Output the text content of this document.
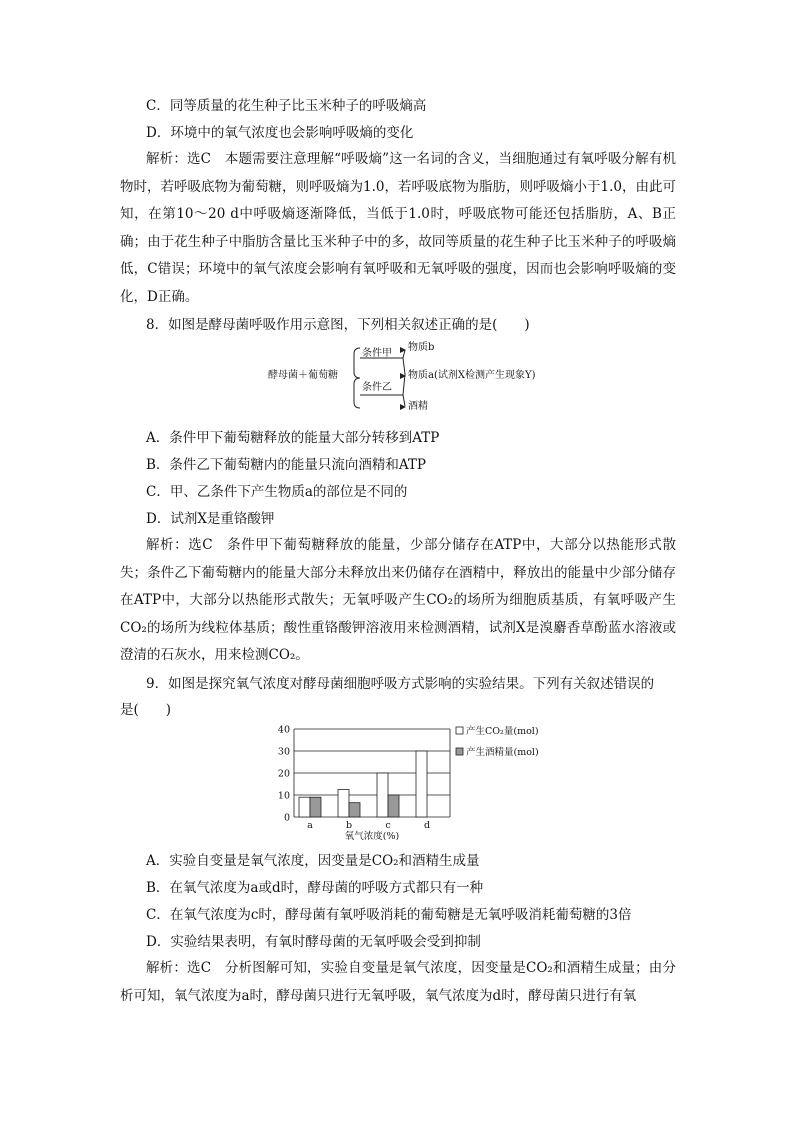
C．同等质量的花生种子比玉米种子的呼吸熵高
D．环境中的氧气浓度也会影响呼吸熵的变化
解析：选C　本题需要注意理解“呼吸熵”这一名词的含义，当细胞通过有氧呼吸分解有机物时，若呼吸底物为葡萄糖，则呼吸熵为1.0，若呼吸底物为脂肪，则呼吸熵小于1.0，由此可知，在第10～20 d中呼吸熵逐渐降低，当低于1.0时，呼吸底物可能还包括脂肪，A、B正确；由于花生种子中脂肪含量比玉米种子中的多，故同等质量的花生种子比玉米种子的呼吸熵低，C错误；环境中的氧气浓度会影响有氧呼吸和无氧呼吸的强度，因而也会影响呼吸熵的变化，D正确。
8．如图是酵母菌呼吸作用示意图，下列相关叙述正确的是(　　)
酵母菌＋葡萄糖
条件甲
条件乙
物质b
物质a(试剂X检测产生现象Y)
酒精
A．条件甲下葡萄糖释放的能量大部分转移到ATP
B．条件乙下葡萄糖内的能量只流向酒精和ATP
C．甲、乙条件下产生物质a的部位是不同的
D．试剂X是重铬酸钾
解析：选C　条件甲下葡萄糖释放的能量，少部分储存在ATP中，大部分以热能形式散失；条件乙下葡萄糖内的能量大部分未释放出来仍储存在酒精中，释放出的能量中少部分储存在ATP中，大部分以热能形式散失；无氧呼吸产生CO₂的场所为细胞质基质，有氧呼吸产生CO₂的场所为线粒体基质；酸性重铬酸钾溶液用来检测酒精，试剂X是溴麝香草酚蓝水溶液或澄清的石灰水，用来检测CO₂。
9．如图是探究氧气浓度对酵母菌细胞呼吸方式影响的实验结果。下列有关叙述错误的
是(　　)
0
10
20
30
40
a	b	c	d
氧气浓度(%)
产生CO₂量(mol)
产生酒精量(mol)
A．实验自变量是氧气浓度，因变量是CO₂和酒精生成量
B．在氧气浓度为a或d时，酵母菌的呼吸方式都只有一种
C．在氧气浓度为c时，酵母菌有氧呼吸消耗的葡萄糖是无氧呼吸消耗葡萄糖的3倍
D．实验结果表明，有氧时酵母菌的无氧呼吸会受到抑制
解析：选C　分析图解可知，实验自变量是氧气浓度，因变量是CO₂和酒精生成量；由分析可知，氧气浓度为a时，酵母菌只进行无氧呼吸，氧气浓度为d时，酵母菌只进行有氧
